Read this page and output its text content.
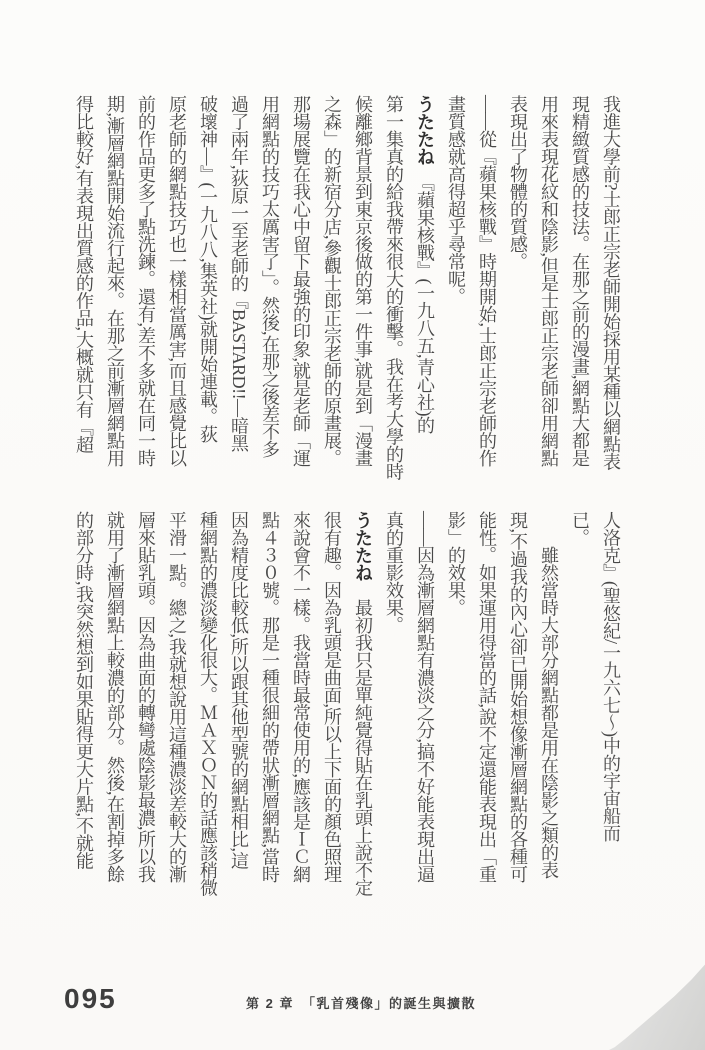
我進大學前?士郎正宗老師開始採用某種以網點表
現精緻質感的技法。在那之前的漫畫,網點大都是
用來表現花紋和陰影,但是士郎正宗老師卻用網點
表現出了物體的質感。
——從『蘋果核戰』時期開始,士郎正宗老師的作
畫質感就高得超乎尋常呢。
うたたね　『蘋果核戰』(一九八五,青心社)的
第一集真的給我帶來很大的衝擊。我在考大學的時
候離鄉背景到東京後做的第一件事,就是到「漫畫
之森」的新宿分店,參觀士郎正宗老師的原畫展。
那場展覽在我心中留下最強的印象,就是老師「運
用網點的技巧太厲害了」。然後,在那之後差不多
過了兩年,荻原一至老師的『BASTARD!!—暗黑
破壞神—』(一九八八,集英社)就開始連載。荻
原老師的網點技巧也一樣相當厲害,而且感覺比以
前的作品更多了點洗鍊。還有,差不多就在同一時
期,漸層網點開始流行起來。在那之前漸層網點用
得比較好,有表現出質感的作品,大概就只有『超
人洛克』(聖悠紀/一九六七〜)中的宇宙船而
已。
　　雖然當時大部分網點都是用在陰影之類的表
現,不過我的內心卻已開始想像漸層網點的各種可
能性。如果運用得當的話,說不定還能表現出「重
影」的效果。
——因為漸層網點有濃淡之分,搞不好能表現出逼
真的重影效果。
うたたね　最初我只是單純覺得貼在乳頭上說不定
很有趣。因為乳頭是曲面,所以上下面的顏色照理
來說會不一樣。我當時最常使用的,應該是ＩＣ網
點４３０號。那是一種很細的帶狀漸層網點,當時
因為精度比較低,所以跟其他型號的網點相比,這
種網點的濃淡變化很大。ＭＡＸＯＮ的話應該稍微
平滑一點。總之,我就想說用這種濃淡差較大的漸
層來貼乳頭。因為曲面的轉彎處陰影最濃,所以我
就用了漸層網點上較濃的部分。然後,在割掉多餘
的部分時,我突然想到如果貼得更大片點,不就能
095	第 2 章　「乳首殘像」的誕生與擴散
